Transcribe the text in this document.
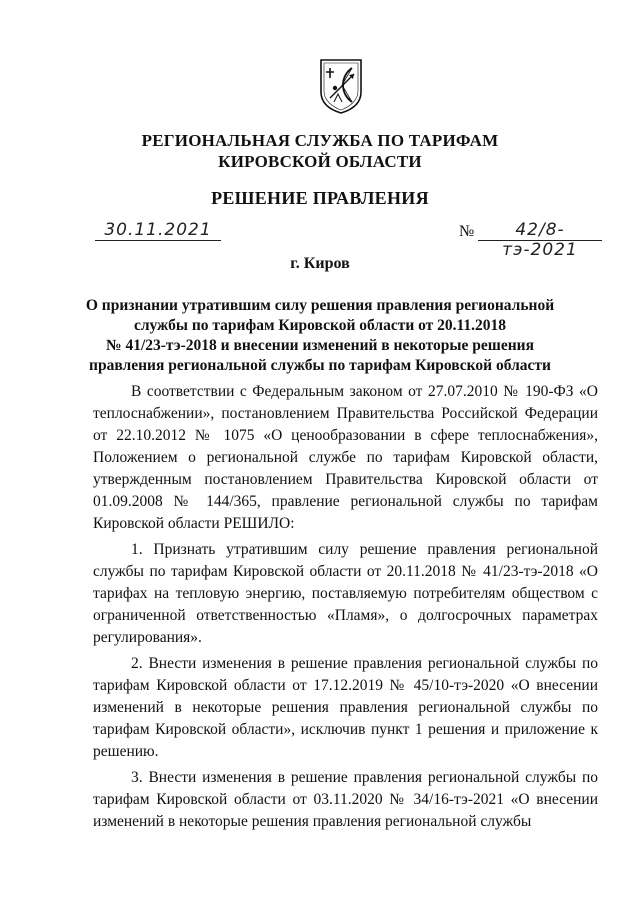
РЕГИОНАЛЬНАЯ СЛУЖБА ПО ТАРИФАМ
КИРОВСКОЙ ОБЛАСТИ
РЕШЕНИЕ ПРАВЛЕНИЯ
30.11.2021	№	42/8-тэ-2021
г. Киров
О признании утратившим силу решения правления региональной
службы по тарифам Кировской области от 20.11.2018
№ 41/23-тэ-2018 и внесении изменений в некоторые решения
правления региональной службы по тарифам Кировской области

В соответствии с Федеральным законом от 27.07.2010 № 190-ФЗ «О теплоснабжении», постановлением Правительства Российской Федерации от 22.10.2012 № 1075 «О ценообразовании в сфере теплоснабжения», Положением о региональной службе по тарифам Кировской области, утвержденным постановлением Правительства Кировской области от 01.09.2008 № 144/365, правление региональной службы по тарифам Кировской области РЕШИЛО:

1. Признать утратившим силу решение правления региональной службы по тарифам Кировской области от 20.11.2018 № 41/23-тэ-2018 «О тарифах на тепловую энергию, поставляемую потребителям обществом с ограниченной ответственностью «Пламя», о долгосрочных параметрах регулирования».

2. Внести изменения в решение правления региональной службы по тарифам Кировской области от 17.12.2019 № 45/10-тэ-2020 «О внесении изменений в некоторые решения правления региональной службы по тарифам Кировской области», исключив пункт 1 решения и приложение к решению.

3. Внести изменения в решение правления региональной службы по тарифам Кировской области от 03.11.2020 № 34/16-тэ-2021 «О внесении изменений в некоторые решения правления региональной службы
